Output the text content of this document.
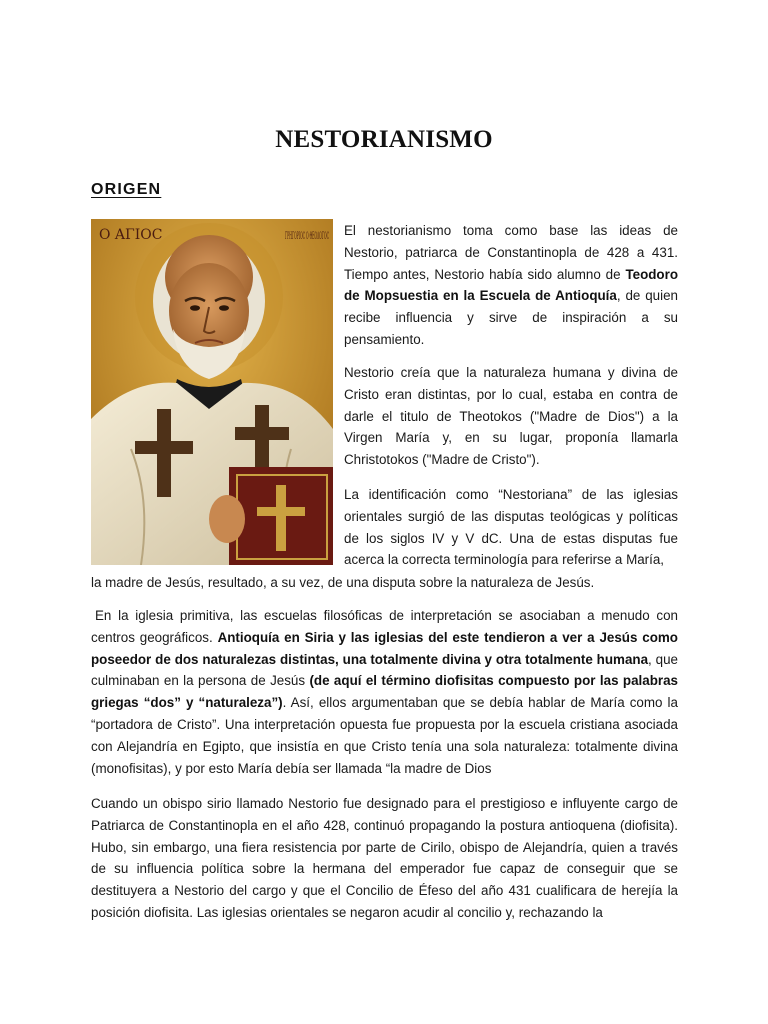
NESTORIANISMO
ORIGEN
O AΓΙOC	ΓΡΗΓΟΡΙΟC Ο ΘΕΟΛΟΓΟC El nestorianismo toma como base las ideas de Nestorio, patriarca de Constantinopla de 428 a 431. Tiempo antes, Nestorio había sido alumno de Teodoro de Mopsuestia en la Escuela de Antioquía, de quien recibe influencia y sirve de inspiración a su pensamiento.
Nestorio creía que la naturaleza humana y divina de Cristo eran distintas, por lo cual, estaba en contra de darle el titulo de Theotokos ("Madre de Dios") a la Virgen María y, en su lugar, proponía llamarla Christotokos ("Madre de Cristo").
La identificación como “Nestoriana” de las iglesias orientales surgió de las disputas teológicas y políticas de los siglos IV y V dC. Una de estas disputas fue acerca la correcta terminología para referirse a María,
la madre de Jesús, resultado, a su vez, de una disputa sobre la naturaleza de Jesús.
En la iglesia primitiva, las escuelas filosóficas de interpretación se asociaban a menudo con centros geográficos. Antioquía en Siria y las iglesias del este tendieron a ver a Jesús como poseedor de dos naturalezas distintas, una totalmente divina y otra totalmente humana, que culminaban en la persona de Jesús (de aquí el término diofisitas compuesto por las palabras griegas “dos” y “naturaleza”). Así, ellos argumentaban que se debía hablar de María como la “portadora de Cristo”. Una interpretación opuesta fue propuesta por la escuela cristiana asociada con Alejandría en Egipto, que insistía en que Cristo tenía una sola naturaleza: totalmente divina (monofisitas), y por esto María debía ser llamada “la madre de Dios
Cuando un obispo sirio llamado Nestorio fue designado para el prestigioso e influyente cargo de Patriarca de Constantinopla en el año 428, continuó propagando la postura antioquena (diofisita). Hubo, sin embargo, una fiera resistencia por parte de Cirilo, obispo de Alejandría, quien a través de su influencia política sobre la hermana del emperador fue capaz de conseguir que se destituyera a Nestorio del cargo y que el Concilio de Éfeso del año 431 cualificara de herejía la posición diofisita. Las iglesias orientales se negaron acudir al concilio y, rechazando la
